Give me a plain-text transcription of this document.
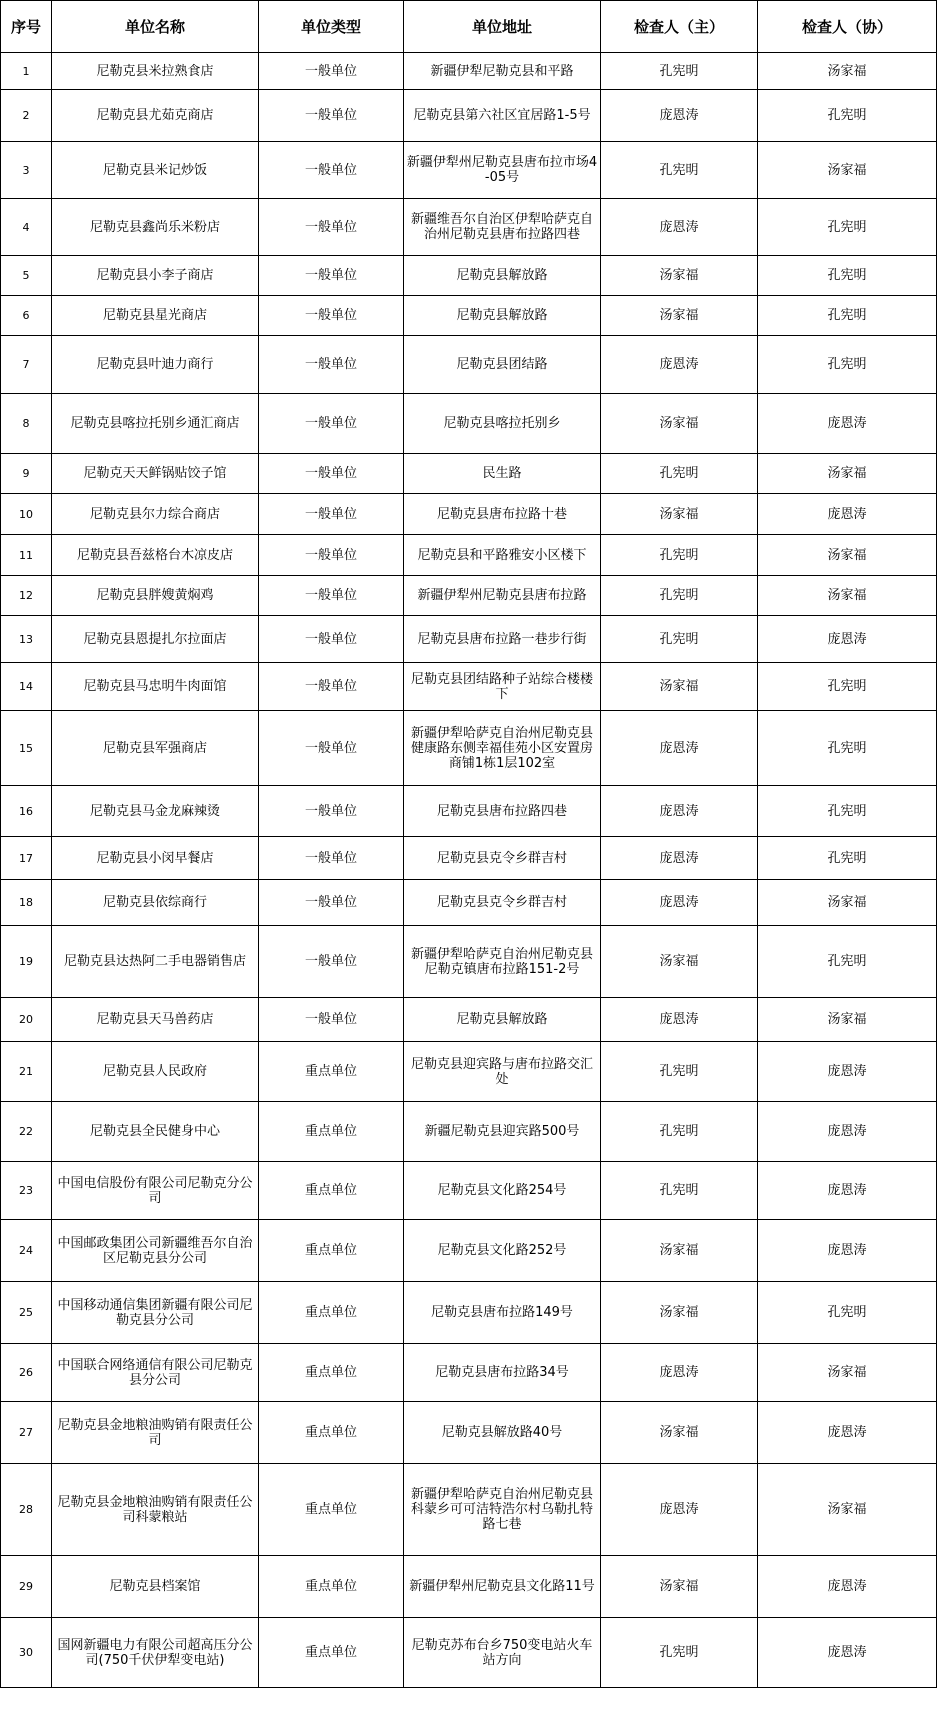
序号	单位名称	单位类型	单位地址	检查人（主）	检查人（协）
1	尼勒克县米拉熟食店	一般单位	新疆伊犁尼勒克县和平路	孔宪明	汤家福
2	尼勒克县尤茹克商店	一般单位	尼勒克县第六社区宜居路1-5号	庞恩涛	孔宪明
3	尼勒克县米记炒饭	一般单位	新疆伊犁州尼勒克县唐布拉市场4-05号	孔宪明	汤家福
4	尼勒克县鑫尚乐米粉店	一般单位	新疆维吾尔自治区伊犁哈萨克自治州尼勒克县唐布拉路四巷	庞恩涛	孔宪明
5	尼勒克县小李子商店	一般单位	尼勒克县解放路	汤家福	孔宪明
6	尼勒克县星光商店	一般单位	尼勒克县解放路	汤家福	孔宪明
7	尼勒克县叶迪力商行	一般单位	尼勒克县团结路	庞恩涛	孔宪明
8	尼勒克县喀拉托别乡通汇商店	一般单位	尼勒克县喀拉托别乡	汤家福	庞恩涛
9	尼勒克天天鲜锅贴饺子馆	一般单位	民生路	孔宪明	汤家福
10	尼勒克县尔力综合商店	一般单位	尼勒克县唐布拉路十巷	汤家福	庞恩涛
11	尼勒克县吾兹格台木凉皮店	一般单位	尼勒克县和平路雅安小区楼下	孔宪明	汤家福
12	尼勒克县胖嫂黄焖鸡	一般单位	新疆伊犁州尼勒克县唐布拉路	孔宪明	汤家福
13	尼勒克县恩提扎尔拉面店	一般单位	尼勒克县唐布拉路一巷步行街	孔宪明	庞恩涛
14	尼勒克县马忠明牛肉面馆	一般单位	尼勒克县团结路种子站综合楼楼下	汤家福	孔宪明
15	尼勒克县军强商店	一般单位	新疆伊犁哈萨克自治州尼勒克县健康路东侧幸福佳苑小区安置房商铺1栋1层102室	庞恩涛	孔宪明
16	尼勒克县马金龙麻辣烫	一般单位	尼勒克县唐布拉路四巷	庞恩涛	孔宪明
17	尼勒克县小闵早餐店	一般单位	尼勒克县克令乡群吉村	庞恩涛	孔宪明
18	尼勒克县依综商行	一般单位	尼勒克县克令乡群吉村	庞恩涛	汤家福
19	尼勒克县达热阿二手电器销售店	一般单位	新疆伊犁哈萨克自治州尼勒克县尼勒克镇唐布拉路151-2号	汤家福	孔宪明
20	尼勒克县天马兽药店	一般单位	尼勒克县解放路	庞恩涛	汤家福
21	尼勒克县人民政府	重点单位	尼勒克县迎宾路与唐布拉路交汇处	孔宪明	庞恩涛
22	尼勒克县全民健身中心	重点单位	新疆尼勒克县迎宾路500号	孔宪明	庞恩涛
23	中国电信股份有限公司尼勒克分公司	重点单位	尼勒克县文化路254号	孔宪明	庞恩涛
24	中国邮政集团公司新疆维吾尔自治区尼勒克县分公司	重点单位	尼勒克县文化路252号	汤家福	庞恩涛
25	中国移动通信集团新疆有限公司尼勒克县分公司	重点单位	尼勒克县唐布拉路149号	汤家福	孔宪明
26	中国联合网络通信有限公司尼勒克县分公司	重点单位	尼勒克县唐布拉路34号	庞恩涛	汤家福
27	尼勒克县金地粮油购销有限责任公司	重点单位	尼勒克县解放路40号	汤家福	庞恩涛
28	尼勒克县金地粮油购销有限责任公司科蒙粮站	重点单位	新疆伊犁哈萨克自治州尼勒克县科蒙乡可可洁特浩尔村乌勒扎特路七巷	庞恩涛	汤家福
29	尼勒克县档案馆	重点单位	新疆伊犁州尼勒克县文化路11号	汤家福	庞恩涛
30	国网新疆电力有限公司超高压分公司(750千伏伊犁变电站)	重点单位	尼勒克苏布台乡750变电站火车站方向	孔宪明	庞恩涛
